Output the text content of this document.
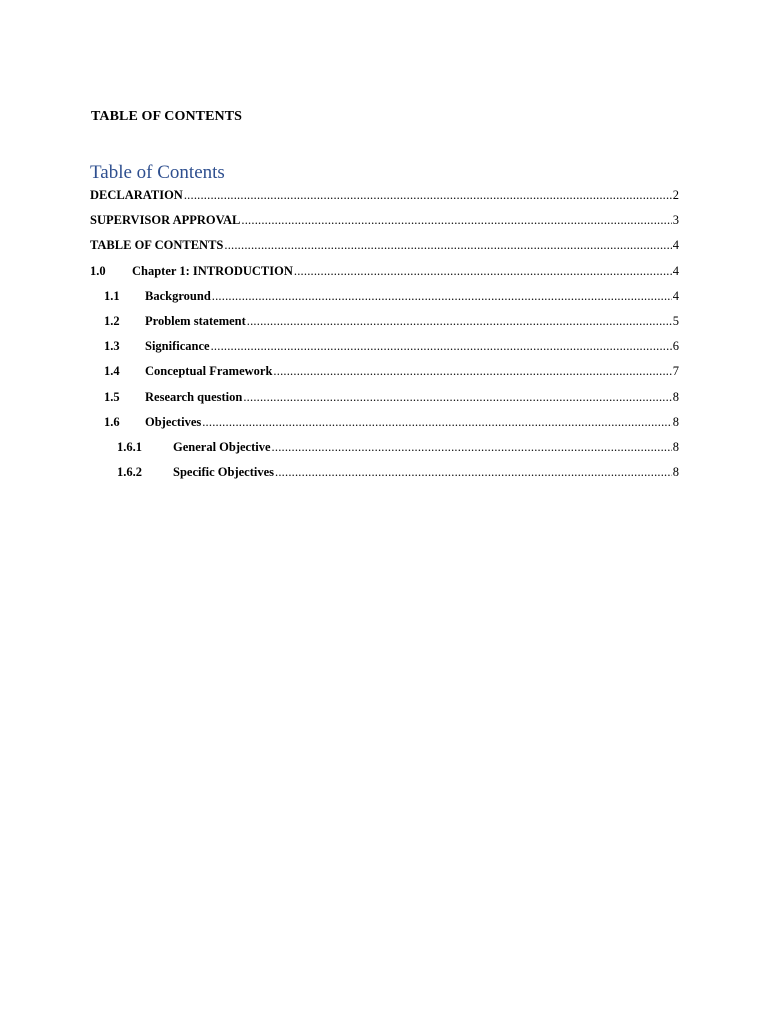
TABLE OF CONTENTS
Table of Contents
DECLARATION .....	2
SUPERVISOR APPROVAL .....	3
TABLE OF CONTENTS .....	4
1.0	Chapter 1: INTRODUCTION .....	4
1.1	Background .....	4
1.2	Problem statement .....	5
1.3	Significance .....	6
1.4	Conceptual Framework .....	7
1.5	Research question .....	8
1.6	Objectives .....	8
1.6.1	General Objective .....	8
1.6.2	Specific Objectives .....	8
